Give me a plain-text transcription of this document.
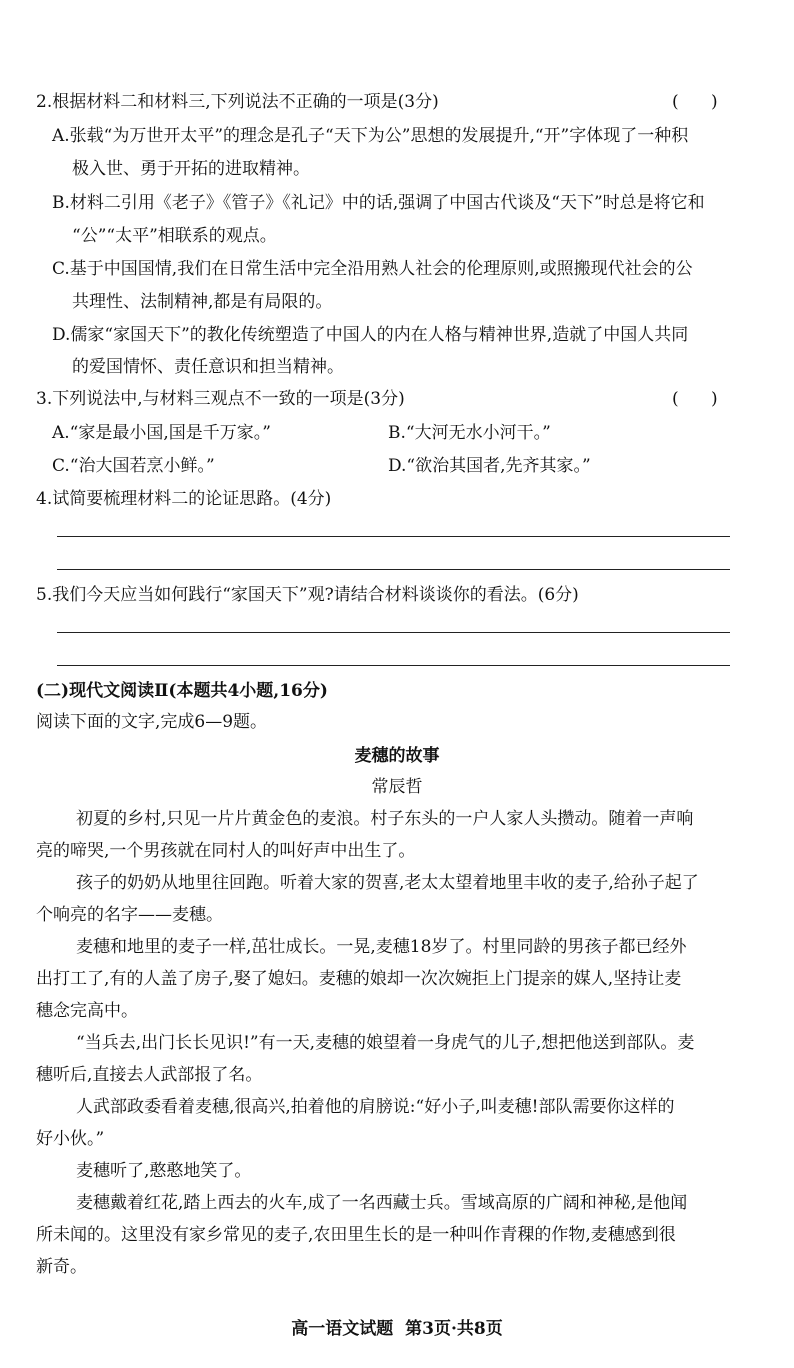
2.根据材料二和材料三,下列说法不正确的一项是(3分)	(      )
A.张载“为万世开太平”的理念是孔子“天下为公”思想的发展提升,“开”字体现了一种积
极入世、勇于开拓的进取精神。
B.材料二引用《老子》《管子》《礼记》中的话,强调了中国古代谈及“天下”时总是将它和
“公”“太平”相联系的观点。
C.基于中国国情,我们在日常生活中完全沿用熟人社会的伦理原则,或照搬现代社会的公
共理性、法制精神,都是有局限的。
D.儒家“家国天下”的教化传统塑造了中国人的内在人格与精神世界,造就了中国人共同
的爱国情怀、责任意识和担当精神。
3.下列说法中,与材料三观点不一致的一项是(3分)	(      )
A.“家是最小国,国是千万家。”	B.“大河无水小河干。”
C.“治大国若烹小鲜。”	D.“欲治其国者,先齐其家。”
4.试简要梳理材料二的论证思路。(4分)
5.我们今天应当如何践行“家国天下”观?请结合材料谈谈你的看法。(6分)
(二)现代文阅读Ⅱ(本题共4小题,16分)
阅读下面的文字,完成6—9题。
麦穗的故事
常辰哲
初夏的乡村,只见一片片黄金色的麦浪。村子东头的一户人家人头攒动。随着一声响
亮的啼哭,一个男孩就在同村人的叫好声中出生了。
孩子的奶奶从地里往回跑。听着大家的贺喜,老太太望着地里丰收的麦子,给孙子起了
个响亮的名字——麦穗。
麦穗和地里的麦子一样,茁壮成长。一晃,麦穗18岁了。村里同龄的男孩子都已经外
出打工了,有的人盖了房子,娶了媳妇。麦穗的娘却一次次婉拒上门提亲的媒人,坚持让麦
穗念完高中。
“当兵去,出门长长见识!”有一天,麦穗的娘望着一身虎气的儿子,想把他送到部队。麦
穗听后,直接去人武部报了名。
人武部政委看着麦穗,很高兴,拍着他的肩膀说:“好小子,叫麦穗!部队需要你这样的
好小伙。”
麦穗听了,憨憨地笑了。
麦穗戴着红花,踏上西去的火车,成了一名西藏士兵。雪域高原的广阔和神秘,是他闻
所未闻的。这里没有家乡常见的麦子,农田里生长的是一种叫作青稞的作物,麦穗感到很
新奇。
高一语文试题  第3页·共8页
